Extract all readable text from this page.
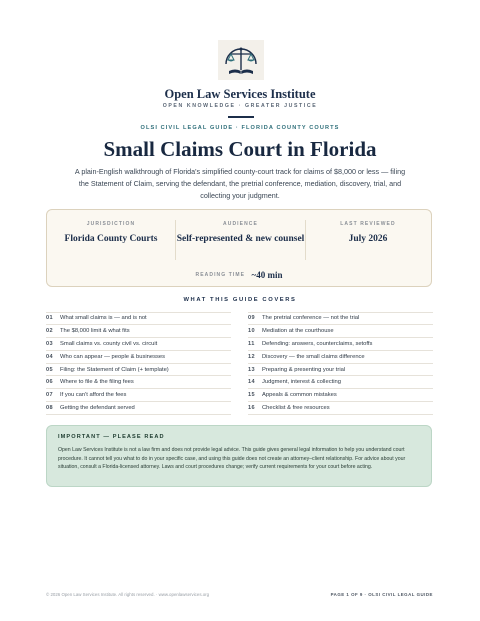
Open Law Services Institute
OPEN KNOWLEDGE · GREATER JUSTICE
OLSI CIVIL LEGAL GUIDE · FLORIDA COUNTY COURTS
Small Claims Court in Florida
A plain-English walkthrough of Florida's simplified county-court track for claims of $8,000 or less — filing the Statement of Claim, serving the defendant, the pretrial conference, mediation, discovery, trial, and collecting your judgment.
JURISDICTION
Florida County Courts
AUDIENCE
Self-represented & new counsel
LAST REVIEWED
July 2026
READING TIME ~40 min
WHAT THIS GUIDE COVERS
01	What small claims is — and is not
02	The $8,000 limit & what fits
03	Small claims vs. county civil vs. circuit
04	Who can appear — people & businesses
05	Filing: the Statement of Claim (+ template)
06	Where to file & the filing fees
07	If you can't afford the fees
08	Getting the defendant served
09	The pretrial conference — not the trial
10	Mediation at the courthouse
11	Defending: answers, counterclaims, setoffs
12	Discovery — the small claims difference
13	Preparing & presenting your trial
14	Judgment, interest & collecting
15	Appeals & common mistakes
16	Checklist & free resources
IMPORTANT — PLEASE READ
Open Law Services Institute is not a law firm and does not provide legal advice. This guide gives general legal information to help you understand court procedure. It cannot tell you what to do in your specific case, and using this guide does not create an attorney–client relationship. For advice about your situation, consult a Florida-licensed attorney. Laws and court procedures change; verify current requirements for your court before acting.
© 2026 Open Law Services Institute. All rights reserved. · www.openlawservices.org	PAGE 1 OF 9 · OLSI CIVIL LEGAL GUIDE
